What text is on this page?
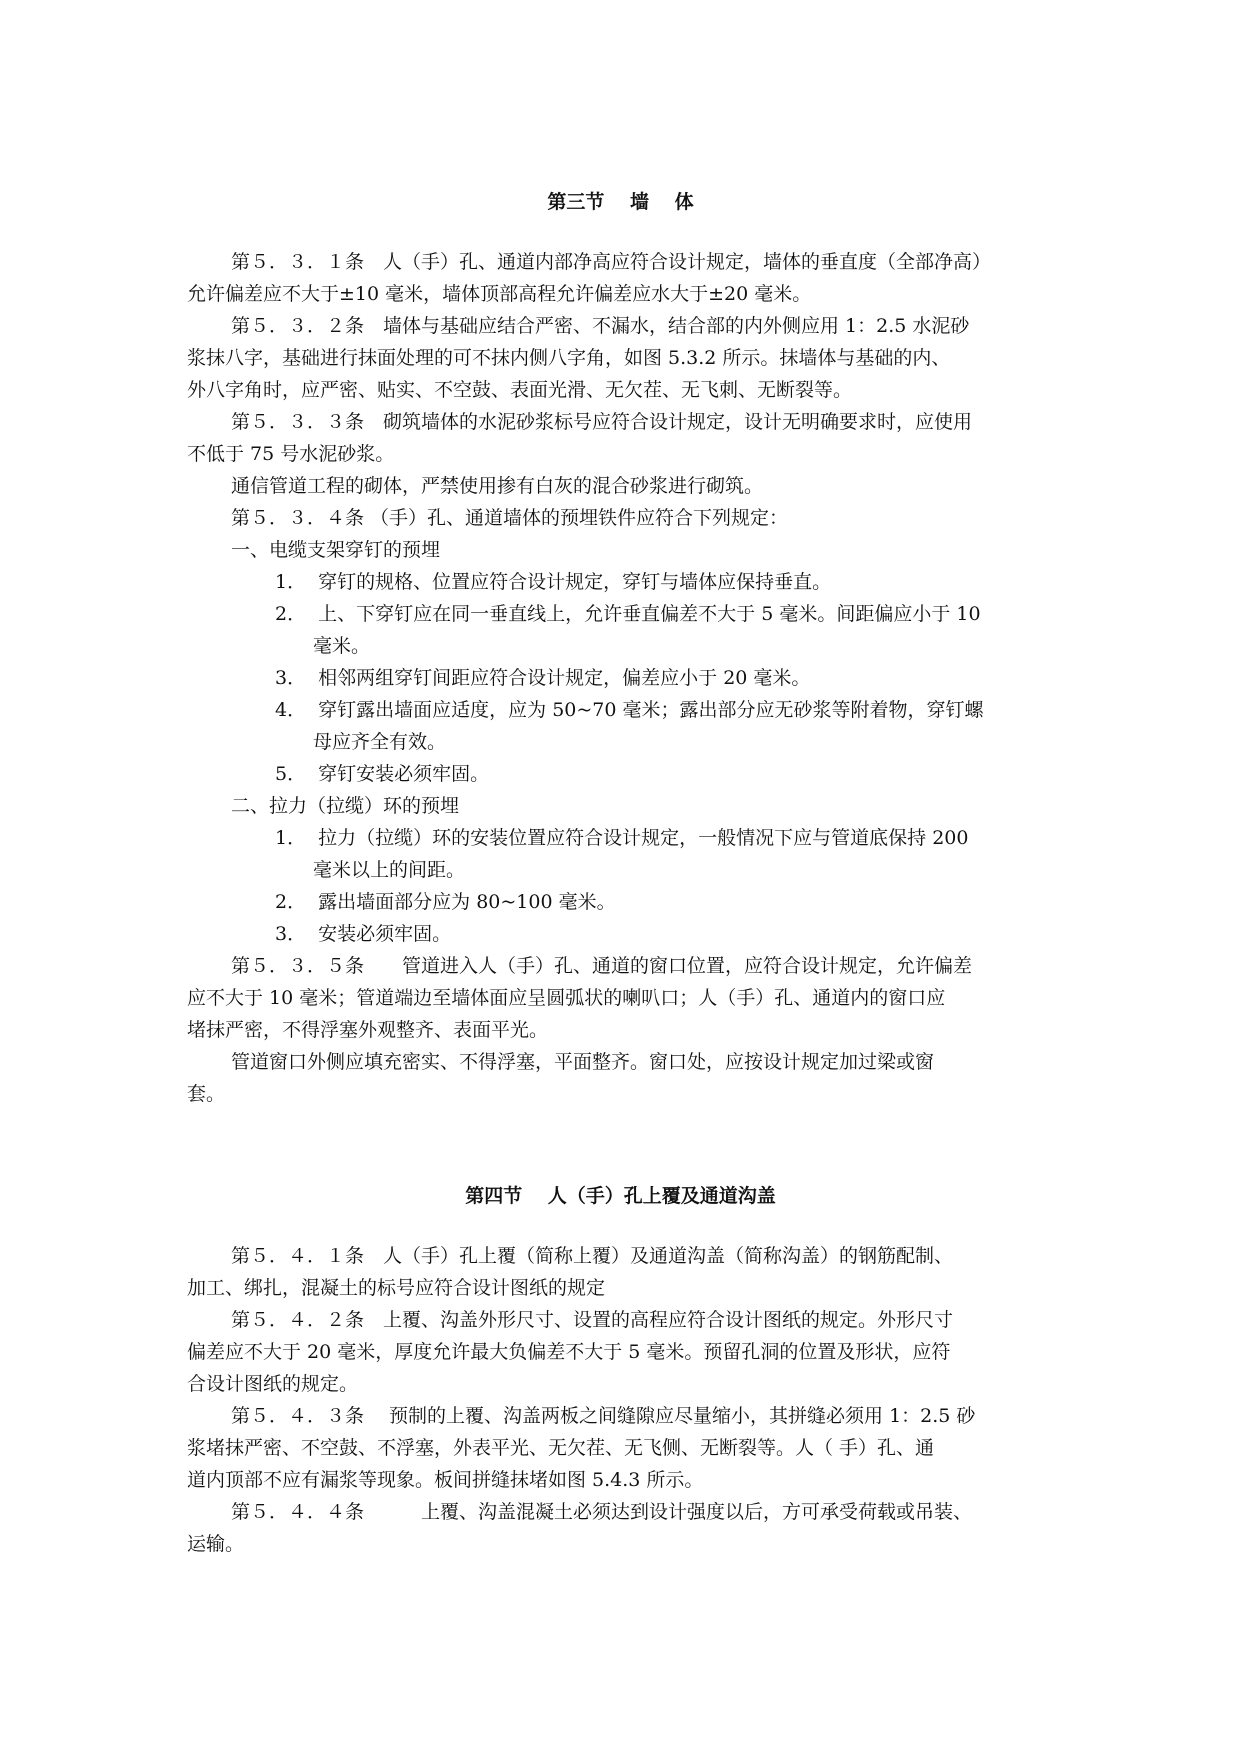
第三节　 墙　 体
第５．３．１条　人（手）孔、通道内部净高应符合设计规定，墙体的垂直度（全部净高）
允许偏差应不大于±10 毫米，墙体顶部高程允许偏差应水大于±20 毫米。
第５．３．２条　墙体与基础应结合严密、不漏水，结合部的内外侧应用 1：2.5 水泥砂
浆抹八字，基础进行抹面处理的可不抹内侧八字角，如图 5.3.2 所示。抹墙体与基础的内、
外八字角时，应严密、贴实、不空鼓、表面光滑、无欠茬、无飞刺、无断裂等。
第５．３．３条　砌筑墙体的水泥砂浆标号应符合设计规定，设计无明确要求时，应使用
不低于 75 号水泥砂浆。
通信管道工程的砌体，严禁使用掺有白灰的混合砂浆进行砌筑。
第５．３．４条 （手）孔、通道墙体的预埋铁件应符合下列规定：
一、电缆支架穿钉的预埋
1．  穿钉的规格、位置应符合设计规定，穿钉与墙体应保持垂直。
2．  上、下穿钉应在同一垂直线上，允许垂直偏差不大于 5 毫米。间距偏应小于 10
毫米。
3．  相邻两组穿钉间距应符合设计规定，偏差应小于 20 毫米。
4．  穿钉露出墙面应适度，应为 50~70 毫米；露出部分应无砂浆等附着物，穿钉螺
母应齐全有效。
5．  穿钉安装必须牢固。
二、拉力（拉缆）环的预埋
1．  拉力（拉缆）环的安装位置应符合设计规定，一般情况下应与管道底保持 200
毫米以上的间距。
2．  露出墙面部分应为 80~100 毫米。
3．  安装必须牢固。
第５．３．５条　　管道进入人（手）孔、通道的窗口位置，应符合设计规定，允许偏差
应不大于 10 毫米；管道端边至墙体面应呈圆弧状的喇叭口；人（手）孔、通道内的窗口应
堵抹严密，不得浮塞外观整齐、表面平光。
管道窗口外侧应填充密实、不得浮塞，平面整齐。窗口处，应按设计规定加过梁或窗
套。
第四节　 人（手）孔上覆及通道沟盖
第５．４．１条　人（手）孔上覆（简称上覆）及通道沟盖（简称沟盖）的钢筋配制、
加工、绑扎，混凝土的标号应符合设计图纸的规定
第５．４．２条　上覆、沟盖外形尺寸、设置的高程应符合设计图纸的规定。外形尺寸
偏差应不大于 20 毫米，厚度允许最大负偏差不大于 5 毫米。预留孔洞的位置及形状，应符
合设计图纸的规定。
第５．４．３条　 预制的上覆、沟盖两板之间缝隙应尽量缩小，其拼缝必须用 1：2.5 砂
浆堵抹严密、不空鼓、不浮塞，外表平光、无欠茬、无飞侧、无断裂等。人（ 手）孔、通
道内顶部不应有漏浆等现象。板间拼缝抹堵如图 5.4.3 所示。
第５．４．４条　　　上覆、沟盖混凝土必须达到设计强度以后，方可承受荷载或吊装、
运输。
